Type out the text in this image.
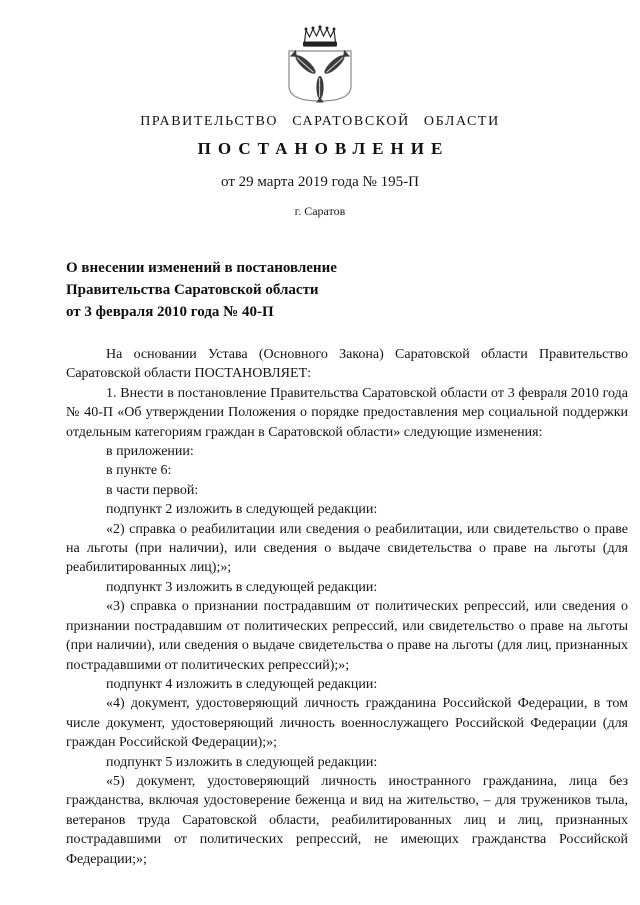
ПРАВИТЕЛЬСТВО САРАТОВСКОЙ ОБЛАСТИ
ПОСТАНОВЛЕНИЕ
от 29 марта 2019 года № 195-П
г. Саратов
О внесении изменений в постановление
Правительства Саратовской области
от 3 февраля 2010 года № 40-П

На основании Устава (Основного Закона) Саратовской области Правительство Саратовской области ПОСТАНОВЛЯЕТ:

1. Внести в постановление Правительства Саратовской области от 3 февраля 2010 года № 40-П «Об утверждении Положения о порядке предоставления мер социальной поддержки отдельным категориям граждан в Саратовской области» следующие изменения:

в приложении:

в пункте 6:

в части первой:

подпункт 2 изложить в следующей редакции:

«2) справка о реабилитации или сведения о реабилитации, или свидетельство о праве на льготы (при наличии), или сведения о выдаче свидетельства о праве на льготы (для реабилитированных лиц);»;

подпункт 3 изложить в следующей редакции:

«3) справка о признании пострадавшим от политических репрессий, или сведения о признании пострадавшим от политических репрессий, или свидетельство о праве на льготы (при наличии), или сведения о выдаче свидетельства о праве на льготы (для лиц, признанных пострадавшими от политических репрессий);»;

подпункт 4 изложить в следующей редакции:

«4) документ, удостоверяющий личность гражданина Российской Федерации, в том числе документ, удостоверяющий личность военнослужащего Российской Федерации (для граждан Российской Федерации);»;

подпункт 5 изложить в следующей редакции:

«5) документ, удостоверяющий личность иностранного гражданина, лица без гражданства, включая удостоверение беженца и вид на жительство, – для тружеников тыла, ветеранов труда Саратовской области, реабилитированных лиц и лиц, признанных пострадавшими от политических репрессий, не имеющих гражданства Российской Федерации;»;
